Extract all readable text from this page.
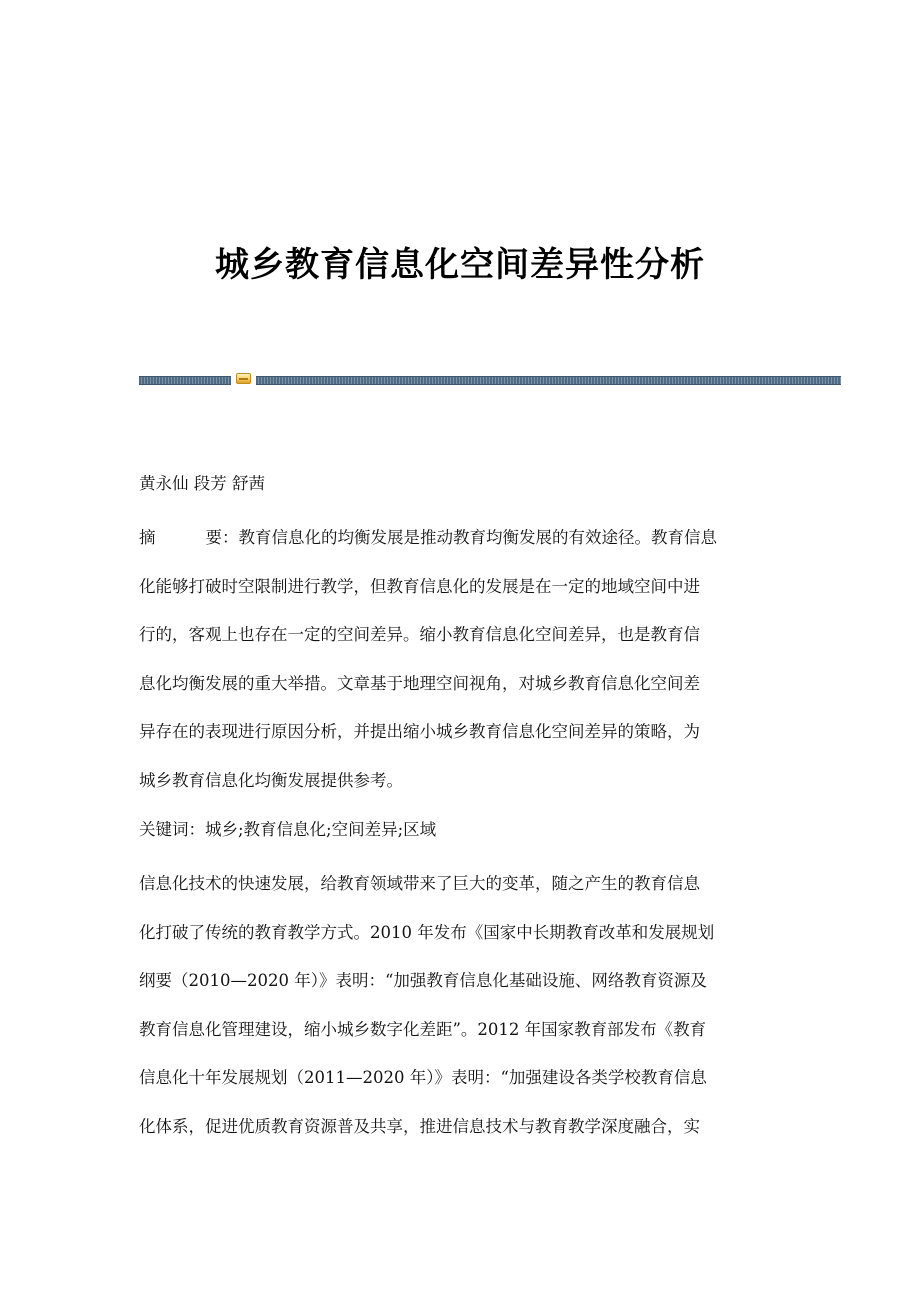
城乡教育信息化空间差异性分析

黄永仙 段芳 舒茜

摘	要：教育信息化的均衡发展是推动教育均衡发展的有效途径。教育信息
化能够打破时空限制进行教学，但教育信息化的发展是在一定的地域空间中进
行的，客观上也存在一定的空间差异。缩小教育信息化空间差异，也是教育信
息化均衡发展的重大举措。文章基于地理空间视角，对城乡教育信息化空间差
异存在的表现进行原因分析，并提出缩小城乡教育信息化空间差异的策略，为
城乡教育信息化均衡发展提供参考。

关键词：城乡;教育信息化;空间差异;区域

信息化技术的快速发展，给教育领域带来了巨大的变革，随之产生的教育信息
化打破了传统的教育教学方式。2010 年发布《国家中长期教育改革和发展规划
纲要（2010—2020 年）》表明：“加强教育信息化基础设施、网络教育资源及
教育信息化管理建设，缩小城乡数字化差距”。2012 年国家教育部发布《教育
信息化十年发展规划（2011—2020 年）》表明：“加强建设各类学校教育信息
化体系，促进优质教育资源普及共享，推进信息技术与教育教学深度融合，实
